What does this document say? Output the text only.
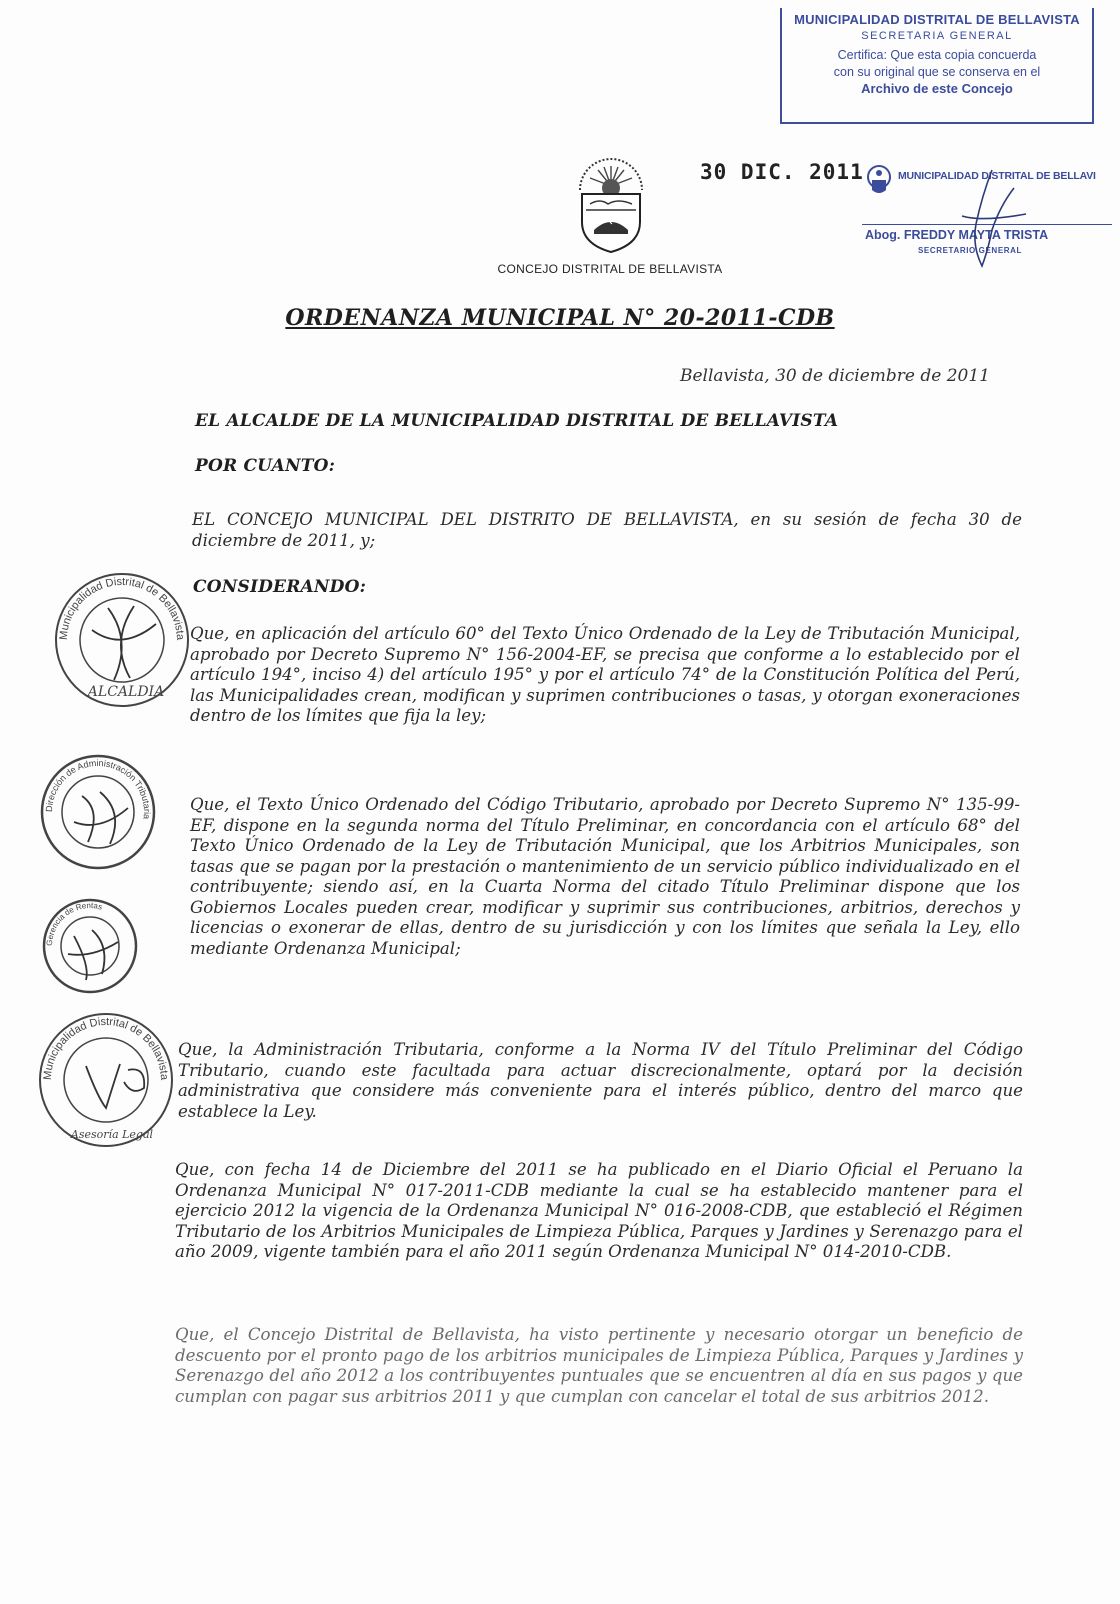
MUNICIPALIDAD DISTRITAL DE BELLAVISTA
SECRETARIA GENERAL
Certifica: Que esta copia concuerda
con su original que se conserva en el
Archivo de este Concejo
30 DIC. 2011	MUNICIPALIDAD DISTRITAL DE BELLAVI
Abog. FREDDY MAYTA TRISTA
SECRETARIO GENERAL
CONCEJO DISTRITAL DE BELLAVISTA
ORDENANZA MUNICIPAL N° 20-2011-CDB
Bellavista, 30 de diciembre de 2011
EL ALCALDE DE LA MUNICIPALIDAD DISTRITAL DE BELLAVISTA
POR CUANTO:
EL CONCEJO MUNICIPAL DEL DISTRITO DE BELLAVISTA, en su sesión de fecha 30 de diciembre de 2011, y;
CONSIDERANDO:
Que, en aplicación del artículo 60° del Texto Único Ordenado de la Ley de Tributación Municipal, aprobado por Decreto Supremo N° 156-2004-EF, se precisa que conforme a lo establecido por el artículo 194°, inciso 4) del artículo 195° y por el artículo 74° de la Constitución Política del Perú, las Municipalidades crean, modifican y suprimen contribuciones o tasas, y otorgan exoneraciones dentro de los límites que fija la ley;
Que, el Texto Único Ordenado del Código Tributario, aprobado por Decreto Supremo N° 135-99-EF, dispone en la segunda norma del Título Preliminar, en concordancia con el artículo 68° del Texto Único Ordenado de la Ley de Tributación Municipal, que los Arbitrios Municipales, son tasas que se pagan por la prestación o mantenimiento de un servicio público individualizado en el contribuyente; siendo así, en la Cuarta Norma del citado Título Preliminar dispone que los Gobiernos Locales pueden crear, modificar y suprimir sus contribuciones, arbitrios, derechos y licencias o exonerar de ellas, dentro de su jurisdicción y con los límites que señala la Ley, ello mediante Ordenanza Municipal;
Que, la Administración Tributaria, conforme a la Norma IV del Título Preliminar del Código Tributario, cuando este facultada para actuar discrecionalmente, optará por la decisión administrativa que considere más conveniente para el interés público, dentro del marco que establece la Ley.
Que, con fecha 14 de Diciembre del 2011 se ha publicado en el Diario Oficial el Peruano la Ordenanza Municipal N° 017-2011-CDB mediante la cual se ha establecido mantener para el ejercicio 2012 la vigencia de la Ordenanza Municipal N° 016-2008-CDB, que estableció el Régimen Tributario de los Arbitrios Municipales de Limpieza Pública, Parques y Jardines y Serenazgo para el año 2009, vigente también para el año 2011 según Ordenanza Municipal N° 014-2010-CDB.
Que, el Concejo Distrital de Bellavista, ha visto pertinente y necesario otorgar un beneficio de descuento por el pronto pago de los arbitrios municipales de Limpieza Pública, Parques y Jardines y Serenazgo del año 2012 a los contribuyentes puntuales que se encuentren al día en sus pagos y que cumplan con pagar sus arbitrios 2011 y que cumplan con cancelar el total de sus arbitrios 2012.
Municipalidad Distrital de Bellavista
ALCALDIA
Dirección de Administración Tributaria
Gerencia de Rentas
Municipalidad Distrital de Bellavista
Asesoría Legal
